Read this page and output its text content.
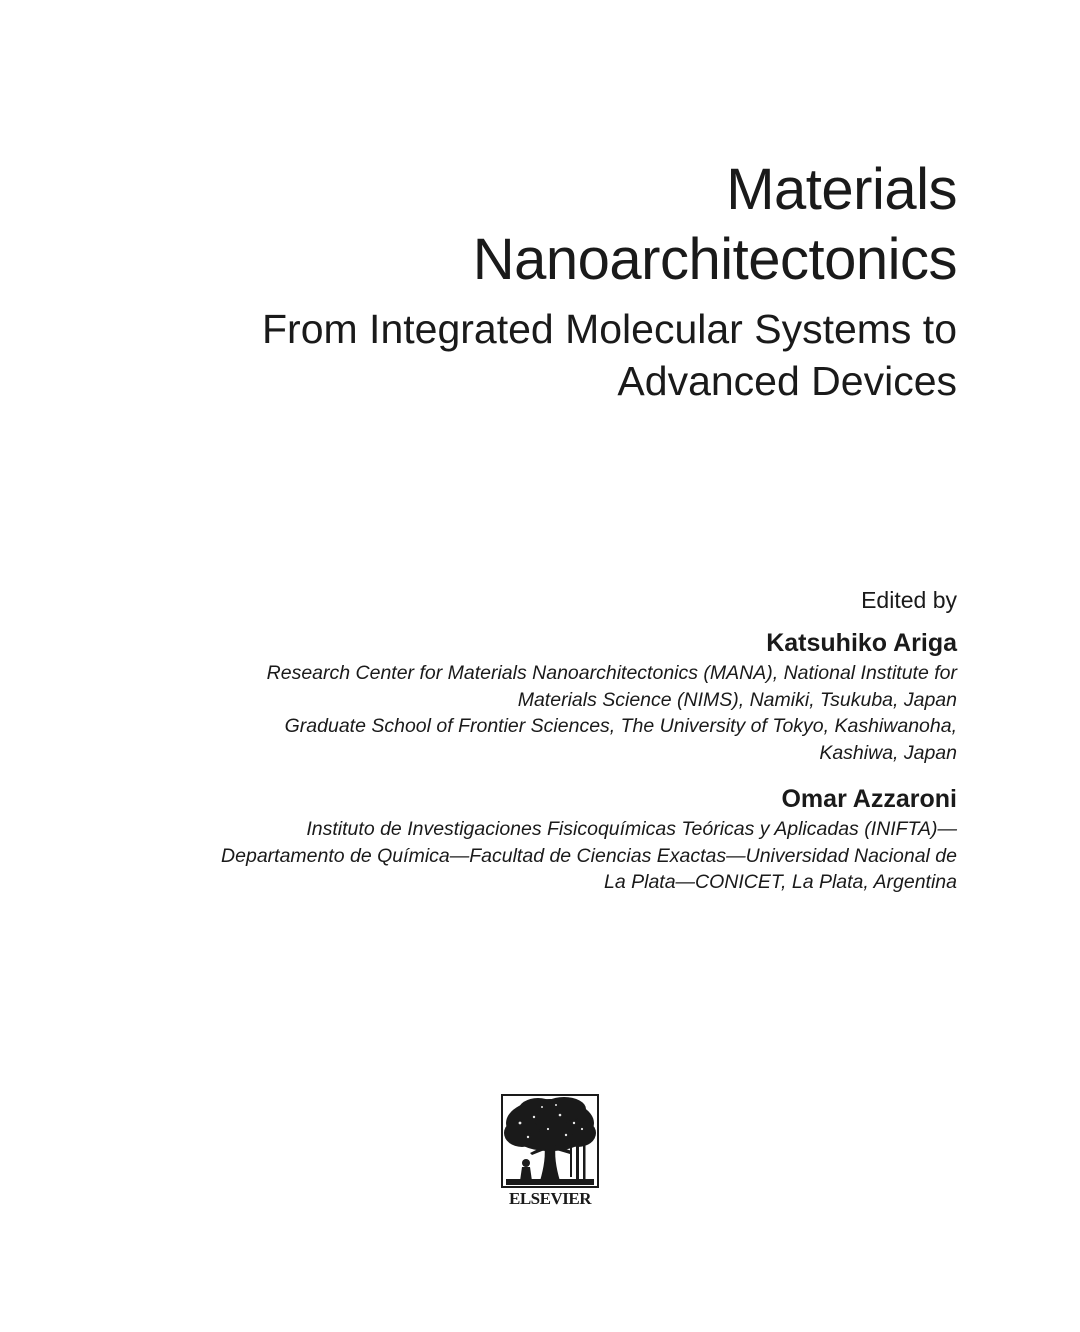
Materials
Nanoarchitectonics
From Integrated Molecular Systems to
Advanced Devices
Edited by
Katsuhiko Ariga
Research Center for Materials Nanoarchitectonics (MANA), National Institute for
Materials Science (NIMS), Namiki, Tsukuba, Japan
Graduate School of Frontier Sciences, The University of Tokyo, Kashiwanoha,
Kashiwa, Japan
Omar Azzaroni
Instituto de Investigaciones Fisicoquímicas Teóricas y Aplicadas (INIFTA)—
Departamento de Química—Facultad de Ciencias Exactas—Universidad Nacional de
La Plata—CONICET, La Plata, Argentina
ELSEVIER
